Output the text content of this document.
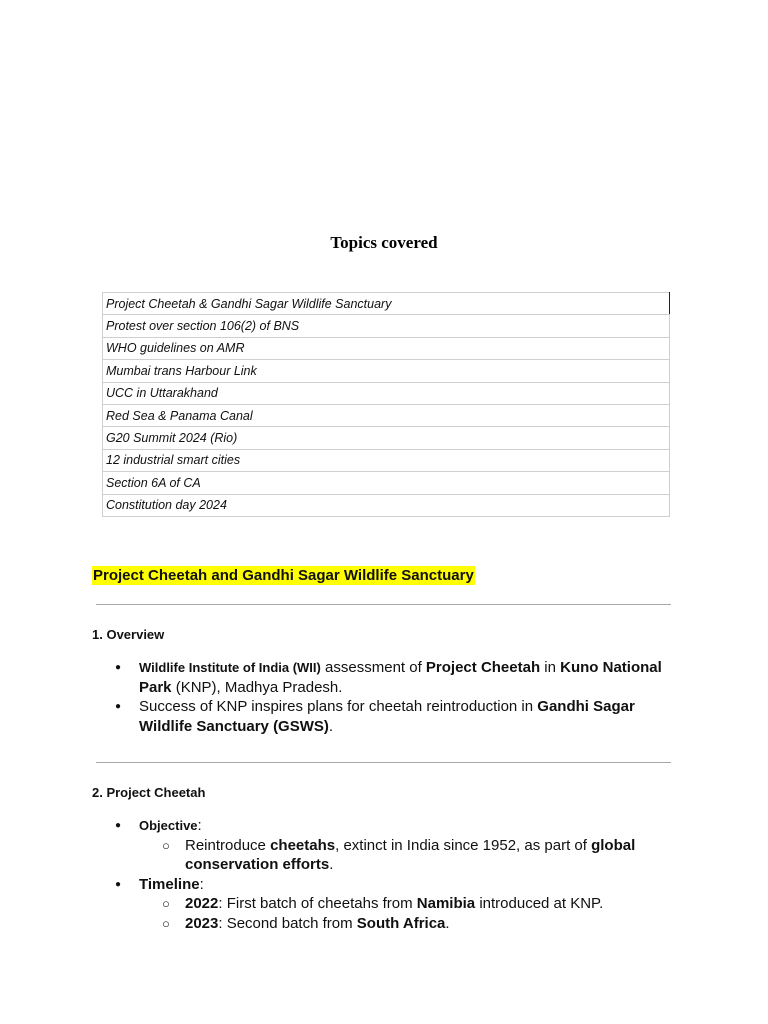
Topics covered
Project Cheetah & Gandhi Sagar Wildlife Sanctuary
Protest over section 106(2) of BNS
WHO guidelines on AMR
Mumbai trans Harbour Link
UCC in Uttarakhand
Red Sea & Panama Canal
G20 Summit 2024 (Rio)
12 industrial smart cities
Section 6A of CA
Constitution day 2024
Project Cheetah and Gandhi Sagar Wildlife Sanctuary
1. Overview
● Wildlife Institute of India (WII) assessment of Project Cheetah in Kuno National Park (KNP), Madhya Pradesh.
● Success of KNP inspires plans for cheetah reintroduction in Gandhi Sagar Wildlife Sanctuary (GSWS).
2. Project Cheetah
● Objective:
○ Reintroduce cheetahs, extinct in India since 1952, as part of global conservation efforts.
● Timeline:
○ 2022: First batch of cheetahs from Namibia introduced at KNP.
○ 2023: Second batch from South Africa.
